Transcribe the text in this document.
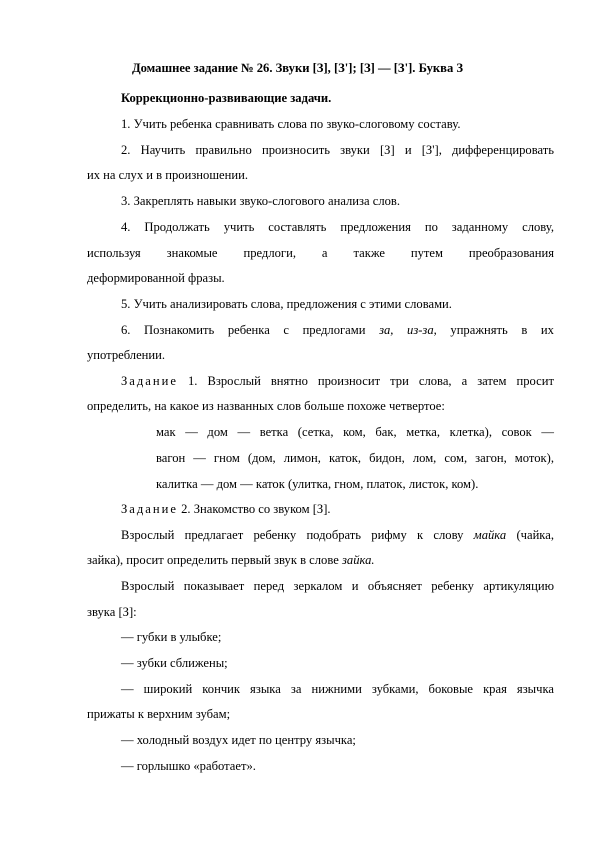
Домашнее задание № 26. Звуки [З], [З']; [З] — [З']. Буква З
Коррекционно-развивающие задачи.
1. Учить ребенка сравнивать слова по звуко-слоговому составу.
2. Научить правильно произносить звуки [З] и [З'], дифференцировать
их на слух и в произношении.
3. Закреплять навыки звуко-слогового анализа слов.
4. Продолжать учить составлять предложения по заданному слову,
используя знакомые предлоги, а также путем преобразования
деформированной фразы.
5. Учить анализировать слова, предложения с этими словами.
6. Познакомить ребенка с предлогами за, из-за, упражнять в их
употреблении.
Задание 1. Взрослый внятно произносит три слова, а затем просит
определить, на какое из названных слов больше похоже четвертое:
мак — дом — ветка (сетка, ком, бак, метка, клетка), совок —
вагон — гном (дом, лимон, каток, бидон, лом, сом, загон, моток),
калитка — дом — каток (улитка, гном, платок, листок, ком).
Задание 2. Знакомство со звуком [З].
Взрослый предлагает ребенку подобрать рифму к слову майка (чайка,
зайка), просит определить первый звук в слове зайка.
Взрослый показывает перед зеркалом и объясняет ребенку артикуляцию
звука [З]:
— губки в улыбке;
— зубки сближены;
— широкий кончик языка за нижними зубками, боковые края язычка
прижаты к верхним зубам;
— холодный воздух идет по центру язычка;
— горлышко «работает».
